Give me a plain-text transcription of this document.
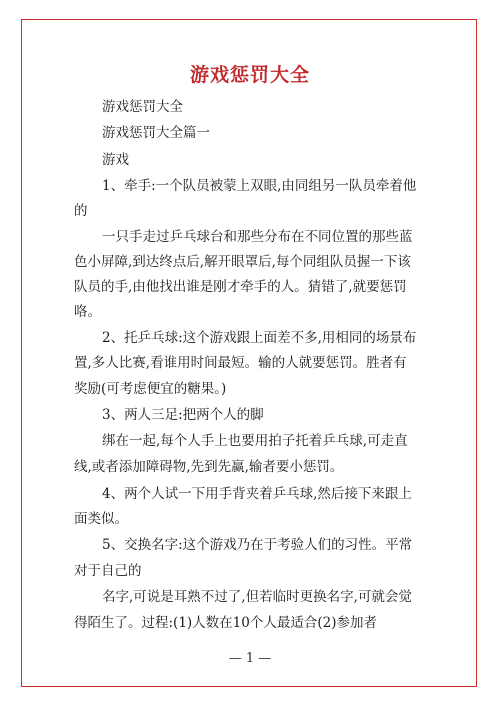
游戏惩罚大全
游戏惩罚大全
游戏惩罚大全篇一
游戏
1、牵手:一个队员被蒙上双眼,由同组另一队员牵着他
的
一只手走过乒乓球台和那些分布在不同位置的那些蓝
色小屏障,到达终点后,解开眼罩后,每个同组队员握一下该
队员的手,由他找出谁是刚才牵手的人。猜错了,就要惩罚
咯。
2、托乒乓球:这个游戏跟上面差不多,用相同的场景布
置,多人比赛,看谁用时间最短。输的人就要惩罚。胜者有
奖励(可考虑便宜的糖果。)
3、两人三足:把两个人的脚
绑在一起,每个人手上也要用拍子托着乒乓球,可走直
线,或者添加障碍物,先到先赢,输者要小惩罚。
4、两个人试一下用手背夹着乒乓球,然后接下来跟上
面类似。
5、交换名字:这个游戏乃在于考验人们的习性。平常
对于自己的
名字,可说是耳熟不过了,但若临时更换名字,可就会觉
得陌生了。过程:(1)人数在10个人最适合(2)参加者
— 1 —
